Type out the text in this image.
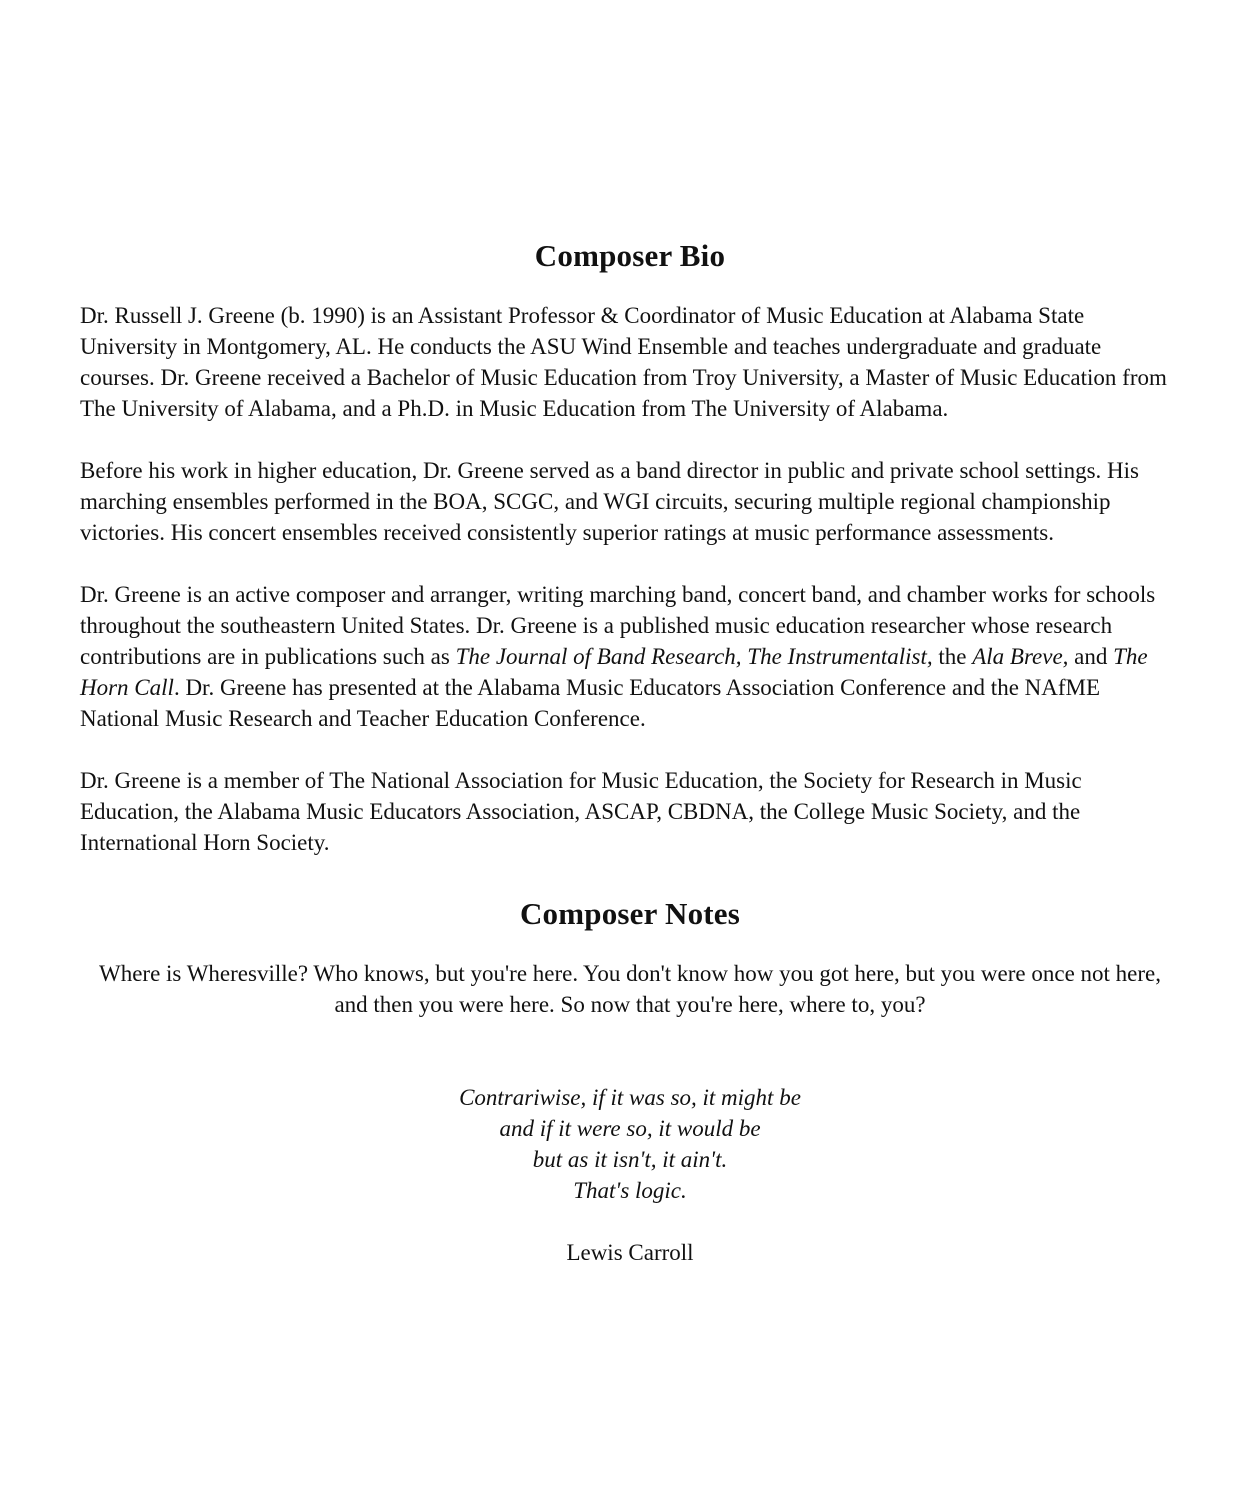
Composer Bio

Dr. Russell J. Greene (b. 1990) is an Assistant Professor & Coordinator of Music Education at Alabama State University in Montgomery, AL. He conducts the ASU Wind Ensemble and teaches undergraduate and graduate courses. Dr. Greene received a Bachelor of Music Education from Troy University, a Master of Music Education from The University of Alabama, and a Ph.D. in Music Education from The University of Alabama.

Before his work in higher education, Dr. Greene served as a band director in public and private school settings. His marching ensembles performed in the BOA, SCGC, and WGI circuits, securing multiple regional championship victories. His concert ensembles received consistently superior ratings at music performance assessments.

Dr. Greene is an active composer and arranger, writing marching band, concert band, and chamber works for schools throughout the southeastern United States. Dr. Greene is a published music education researcher whose research contributions are in publications such as The Journal of Band Research, The Instrumentalist, the Ala Breve, and The Horn Call. Dr. Greene has presented at the Alabama Music Educators Association Conference and the NAfME National Music Research and Teacher Education Conference.

Dr. Greene is a member of The National Association for Music Education, the Society for Research in Music Education, the Alabama Music Educators Association, ASCAP, CBDNA, the College Music Society, and the International Horn Society.

Composer Notes

Where is Wheresville? Who knows, but you're here. You don't know how you got here, but you were once not here, and then you were here. So now that you're here, where to, you?

Contrariwise, if it was so, it might be
and if it were so, it would be
but as it isn't, it ain't.
That's logic.
Lewis Carroll
